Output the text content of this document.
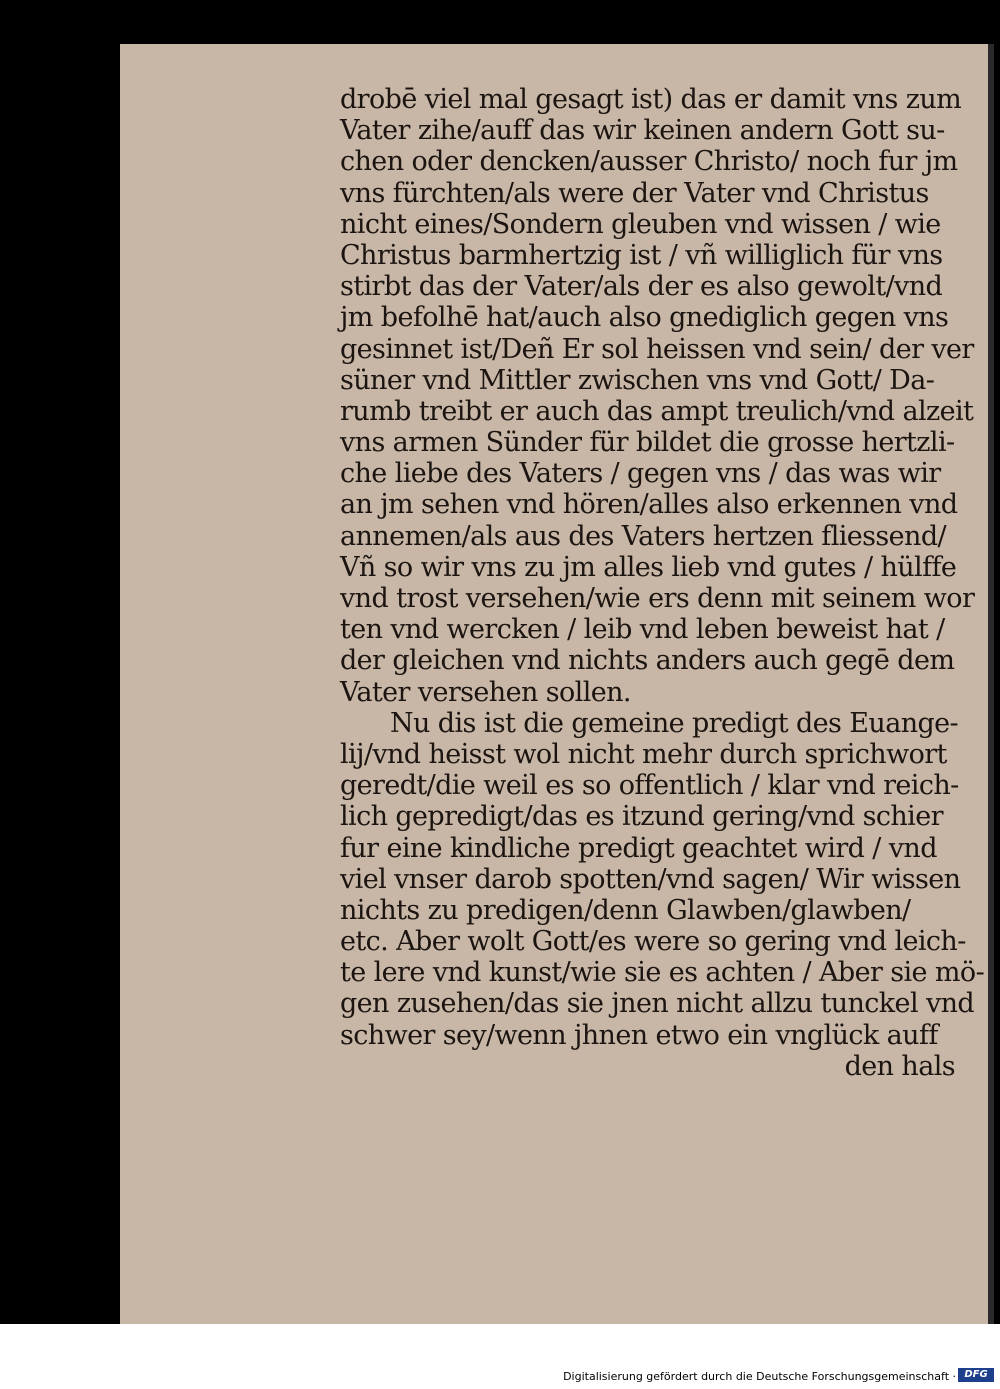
drobē viel mal gesagt ist) das er damit vns zum
Vater zihe/auff das wir keinen andern Gott su-
chen oder dencken/ausser Christo/ noch fur jm
vns fürchten/als were der Vater vnd Christus
nicht eines/Sondern gleuben vnd wissen / wie
Christus barmhertzig ist / vñ williglich für vns
stirbt das der Vater/als der es also gewolt/vnd
jm befolhē hat/auch also gnediglich gegen vns
gesinnet ist/Deñ Er sol heissen vnd sein/ der ver
süner vnd Mittler zwischen vns vnd Gott/ Da-
rumb treibt er auch das ampt treulich/vnd alzeit
vns armen Sünder für bildet die grosse hertzli-
che liebe des Vaters / gegen vns / das was wir
an jm sehen vnd hören/alles also erkennen vnd
annemen/als aus des Vaters hertzen fliessend/
Vñ so wir vns zu jm alles lieb vnd gutes / hülffe
vnd trost versehen/wie ers denn mit seinem wor
ten vnd wercken / leib vnd leben beweist hat /
der gleichen vnd nichts anders auch gegē dem
Vater versehen sollen.
Nu dis ist die gemeine predigt des Euange-
lij/vnd heisst wol nicht mehr durch sprichwort
geredt/die weil es so offentlich / klar vnd reich-
lich gepredigt/das es itzund gering/vnd schier
fur eine kindliche predigt geachtet wird / vnd
viel vnser darob spotten/vnd sagen/ Wir wissen
nichts zu predigen/denn Glawben/glawben/
etc. Aber wolt Gott/es were so gering vnd leich-
te lere vnd kunst/wie sie es achten / Aber sie mö-
gen zusehen/das sie jnen nicht allzu tunckel vnd
schwer sey/wenn jhnen etwo ein vnglück auff
den hals
Digitalisierung gefördert durch die Deutsche Forschungsgemeinschaft · DFG
